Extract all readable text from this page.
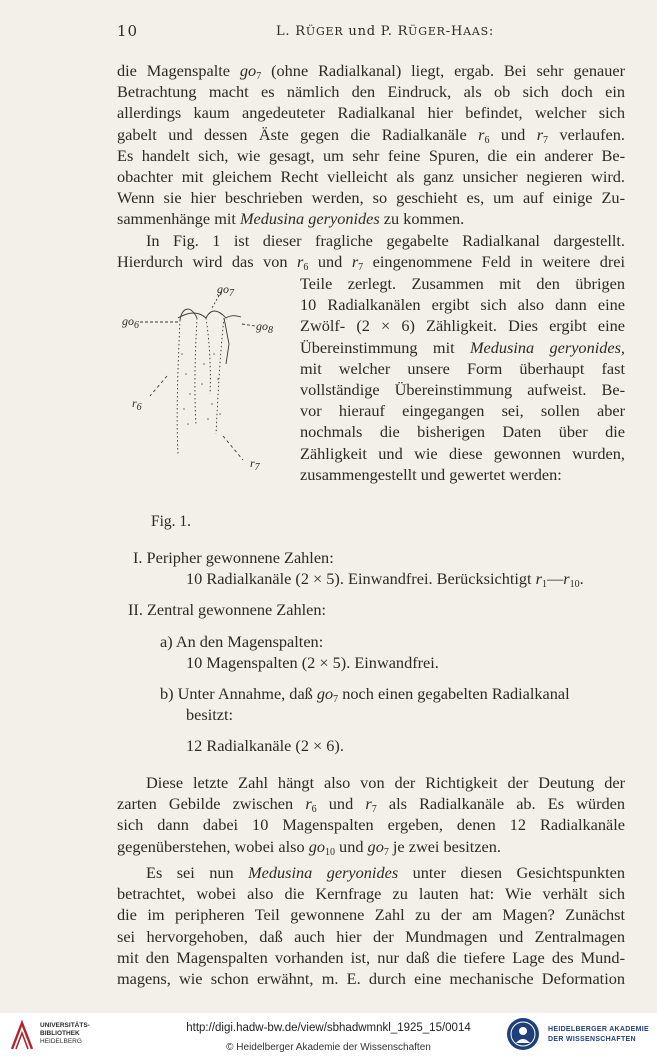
10	L. RÜGER und P. RÜGER-HAAS:
die Magenspalte $go_7$ (ohne Radialkanal) liegt, ergab. Bei sehr genauer
Betrachtung macht es nämlich den Eindruck, als ob sich doch ein
allerdings kaum angedeuteter Radialkanal hier befindet, welcher sich
gabelt und dessen Äste gegen die Radialkanäle $r_6$ und $r_7$ verlaufen.
Es handelt sich, wie gesagt, um sehr feine Spuren, die ein anderer Be-
obachter mit gleichem Recht vielleicht als ganz unsicher negieren wird.
Wenn sie hier beschrieben werden, so geschieht es, um auf einige Zu-
sammenhänge mit Medusina geryonides zu kommen.
In Fig. 1 ist dieser fragliche gegabelte Radialkanal dargestellt.
Hierdurch wird das von $r_6$ und $r_7$ eingenommene Feld in weitere drei
Teile zerlegt. Zusammen mit den übrigen
10 Radialkanälen ergibt sich also dann eine
Zwölf- (2 × 6) Zähligkeit. Dies ergibt eine
Übereinstimmung mit Medusina geryonides,
mit welcher unsere Form überhaupt fast
vollständige Übereinstimmung aufweist. Be-
vor hierauf eingegangen sei, sollen aber
nochmals die bisherigen Daten über die
Zähligkeit und wie diese gewonnen wurden,
zusammengestellt und gewertet werden:
$go_7$
$go_6$	$go_8$
$r_6$
$r_7$
Fig. 1.
I. Peripher gewonnene Zahlen:
10 Radialkanäle (2 × 5). Einwandfrei. Berücksichtigt $r_1—r_{10}$.
II. Zentral gewonnene Zahlen:
a) An den Magenspalten:
10 Magenspalten (2 × 5). Einwandfrei.
b) Unter Annahme, daß $go_7$ noch einen gegabelten Radialkanal
besitzt:
12 Radialkanäle (2 × 6).
Diese letzte Zahl hängt also von der Richtigkeit der Deutung der
zarten Gebilde zwischen $r_6$ und $r_7$ als Radialkanäle ab. Es würden
sich dann dabei 10 Magenspalten ergeben, denen 12 Radialkanäle
gegenüberstehen, wobei also $go_{10}$ und $go_7$ je zwei besitzen.
Es sei nun Medusina geryonides unter diesen Gesichtspunkten
betrachtet, wobei also die Kernfrage zu lauten hat: Wie verhält sich
die im peripheren Teil gewonnene Zahl zu der am Magen? Zunächst
sei hervorgehoben, daß auch hier der Mundmagen und Zentralmagen
mit den Magenspalten vorhanden ist, nur daß die tiefere Lage des Mund-
magens, wie schon erwähnt, m. E. durch eine mechanische Deformation
UNIVERSITÄTS-
BIBLIOTHEK
HEIDELBERG
http://digi.hadw-bw.de/view/sbhadwmnkl_1925_15/0014
© Heidelberger Akademie der Wissenschaften
HEIDELBERGER AKADEMIE
DER WISSENSCHAFTEN
